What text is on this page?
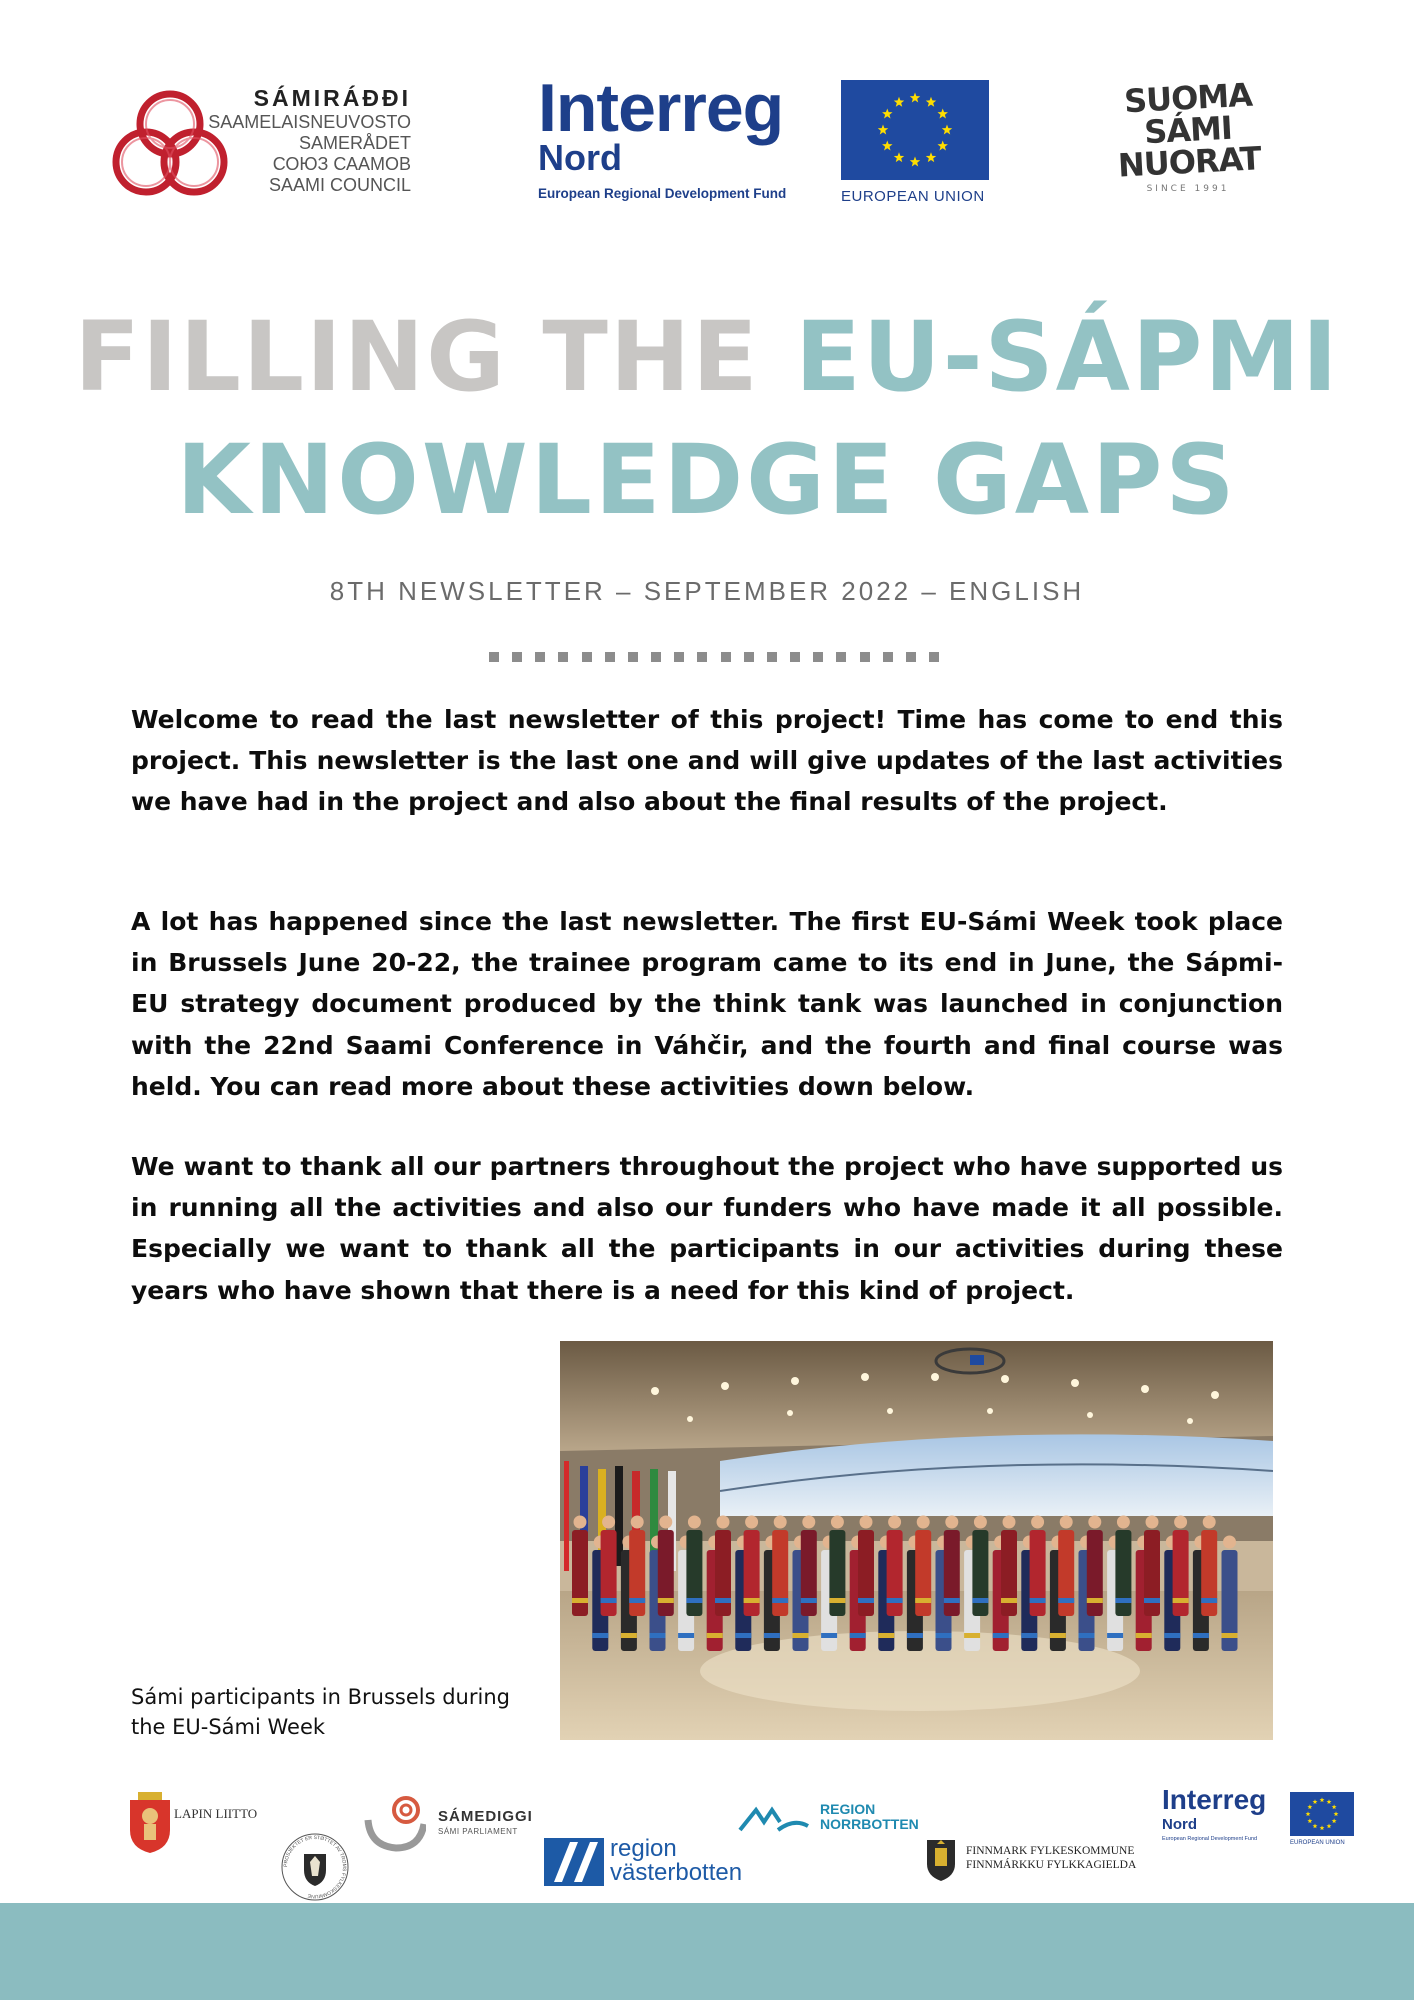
SÁMIRÁÐĐI
SAAMELAISNEUVOSTO
SAMERÅDET
СОЮЗ СААМОВ
SAAMI COUNCIL
Interreg
Nord
European Regional Development Fund	EUROPEAN UNION
SUOMA
SÁMI
NUORAT
SINCE 1991
FILLING THE EU-SÁPMI
KNOWLEDGE GAPS
8TH NEWSLETTER – SEPTEMBER 2022 – ENGLISH

Welcome to read the last newsletter of this project! Time has come to end this project. This newsletter is the last one and will give updates of the last activities we have had in the project and also about the final results of the project.

A lot has happened since the last newsletter. The first EU-Sámi Week took place in Brussels June 20-22, the trainee program came to its end in June, the Sápmi-EU strategy document produced by the think tank was launched in conjunction with the 22nd Saami Conference in Váhčir, and the fourth and final course was held. You can read more about these activities down below.

We want to thank all our partners throughout the project who have supported us in running all the activities and also our funders who have made it all possible. Especially we want to thank all the participants in our activities during these years who have shown that there is a need for this kind of project.

Sámi participants in Brussels during the EU-Sámi Week
LAPIN LIITTO
PROSJEKTET ER STØTTET AV TROMS FYLKESKOMMUNE
SÁMEDIGGI
SÁMI PARLIAMENT
region
västerbotten
REGION
NORRBOTTEN
FINNMARK FYLKESKOMMUNE
FINNMÁRKKU FYLKKAGIELDA
Interreg
Nord
European Regional Development Fund
EUROPEAN UNION
